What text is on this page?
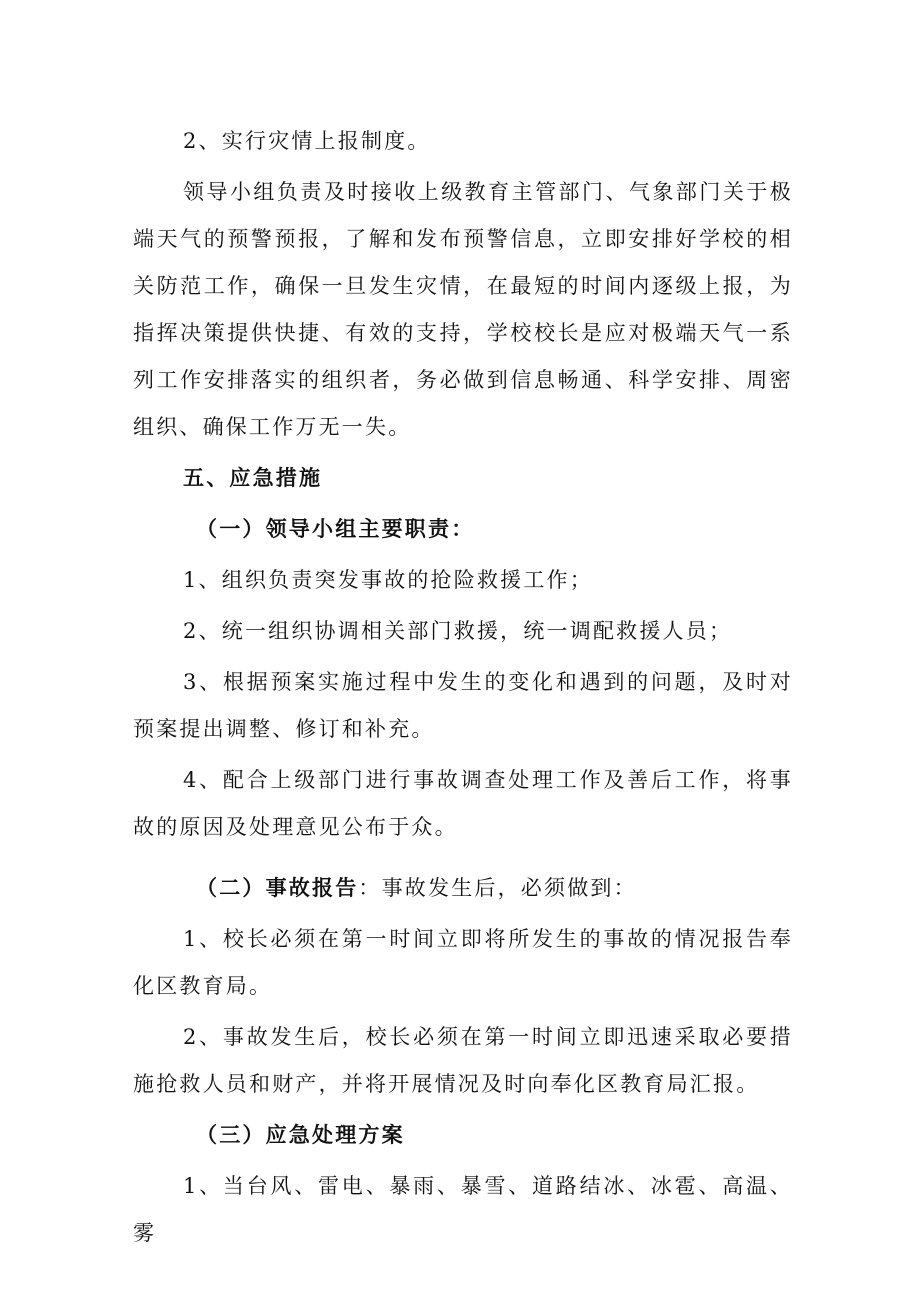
2、实行灾情上报制度。

领导小组负责及时接收上级教育主管部门、气象部门关于极端天气的预警预报，了解和发布预警信息，立即安排好学校的相关防范工作，确保一旦发生灾情，在最短的时间内逐级上报，为指挥决策提供快捷、有效的支持，学校校长是应对极端天气一系列工作安排落实的组织者，务必做到信息畅通、科学安排、周密组织、确保工作万无一失。

五、应急措施

（一）领导小组主要职责：

1、组织负责突发事故的抢险救援工作；

2、统一组织协调相关部门救援，统一调配救援人员；

3、根据预案实施过程中发生的变化和遇到的问题，及时对预案提出调整、修订和补充。

4、配合上级部门进行事故调查处理工作及善后工作，将事故的原因及处理意见公布于众。

（二）事故报告：事故发生后，必须做到：

1、校长必须在第一时间立即将所发生的事故的情况报告奉化区教育局。

2、事故发生后，校长必须在第一时间立即迅速采取必要措施抢救人员和财产，并将开展情况及时向奉化区教育局汇报。

（三）应急处理方案

1、当台风、雷电、暴雨、暴雪、道路结冰、冰雹、高温、雾
